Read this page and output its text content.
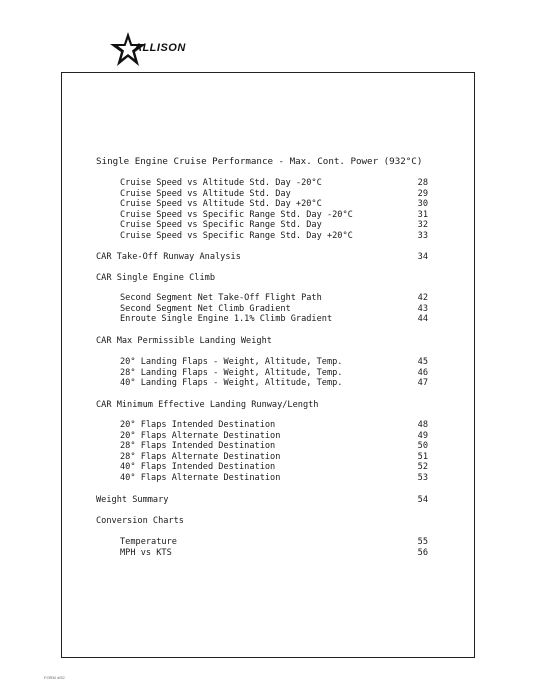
ALLISON
Single Engine Cruise Performance - Max. Cont. Power (932°C)
Cruise Speed vs Altitude Std. Day -20°C	28
Cruise Speed vs Altitude Std. Day	29
Cruise Speed vs Altitude Std. Day +20°C	30
Cruise Speed vs Specific Range Std. Day -20°C	31
Cruise Speed vs Specific Range Std. Day	32
Cruise Speed vs Specific Range Std. Day +20°C	33
CAR Take-Off Runway Analysis	34
CAR Single Engine Climb
Second Segment Net Take-Off Flight Path	42
Second Segment Net Climb Gradient	43
Enroute Single Engine 1.1% Climb Gradient	44
CAR Max Permissible Landing Weight
20° Landing Flaps - Weight, Altitude, Temp.	45
28° Landing Flaps - Weight, Altitude, Temp.	46
40° Landing Flaps - Weight, Altitude, Temp.	47
CAR Minimum Effective Landing Runway/Length
20° Flaps Intended Destination	48
20° Flaps Alternate Destination	49
28° Flaps Intended Destination	50
28° Flaps Alternate Destination	51
40° Flaps Intended Destination	52
40° Flaps Alternate Destination	53
Weight Summary	54
Conversion Charts
Temperature	55
MPH vs KTS	56
FORM 4/52
